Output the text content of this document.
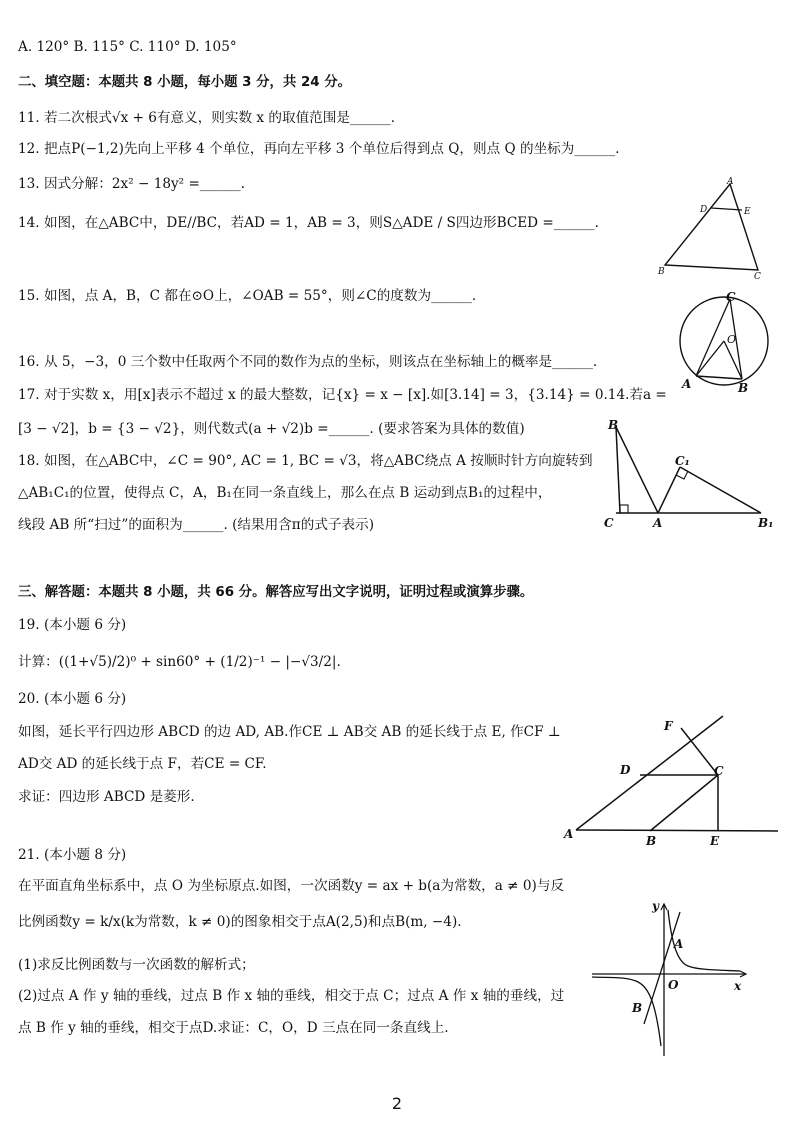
A. 120° B. 115° C. 110° D. 105°
二、填空题：本题共 8 小题，每小题 3 分，共 24 分。
11. 若二次根式√x + 6有意义，则实数 x 的取值范围是______.
12. 把点P(−1,2)先向上平移 4 个单位，再向左平移 3 个单位后得到点 Q，则点 Q 的坐标为______.
13. 因式分解：2x² − 18y² =______.
14. 如图，在△ABC中，DE//BC，若AD = 1，AB = 3，则S△ADE / S四边形BCED =______.
15. 如图，点 A，B，C 都在⊙O上，∠OAB = 55°，则∠C的度数为______.
16. 从 5，−3，0 三个数中任取两个不同的数作为点的坐标，则该点在坐标轴上的概率是______.
17. 对于实数 x，用[x]表示不超过 x 的最大整数，记{x} = x − [x].如[3.14] = 3，{3.14} = 0.14.若a =
[3 − √2]，b = {3 − √2}，则代数式(a + √2)b =______. (要求答案为具体的数值)
18. 如图，在△ABC中，∠C = 90°, AC = 1, BC = √3，将△ABC绕点 A 按顺时针方向旋转到
△AB₁C₁的位置，使得点 C，A，B₁在同一条直线上，那么在点 B 运动到点B₁的过程中，
线段 AB 所“扫过”的面积为______. (结果用含π的式子表示)
三、解答题：本题共 8 小题，共 66 分。解答应写出文字说明，证明过程或演算步骤。
19. (本小题 6 分)
计算：((1+√5)/2)⁰ + sin60° + (1/2)⁻¹ − |−√3/2|.
20. (本小题 6 分)
如图，延长平行四边形 ABCD 的边 AD, AB.作CE ⊥ AB交 AB 的延长线于点 E, 作CF ⊥
AD交 AD 的延长线于点 F，若CE = CF.
求证：四边形 ABCD 是菱形.
21. (本小题 8 分)
在平面直角坐标系中，点 O 为坐标原点.如图，一次函数y = ax + b(a为常数，a ≠ 0)与反
比例函数y = k/x(k为常数，k ≠ 0)的图象相交于点A(2,5)和点B(m, −4).
(1)求反比例函数与一次函数的解析式；
(2)过点 A 作 y 轴的垂线，过点 B 作 x 轴的垂线，相交于点 C；过点 A 作 x 轴的垂线，过
点 B 作 y 轴的垂线，相交于点D.求证：C，O，D 三点在同一条直线上.
A
D	E
B	C
C
O
A	B
B
C₁
C	A	B₁
F
D	C
A	B	E
y
x
A
O
B
2
